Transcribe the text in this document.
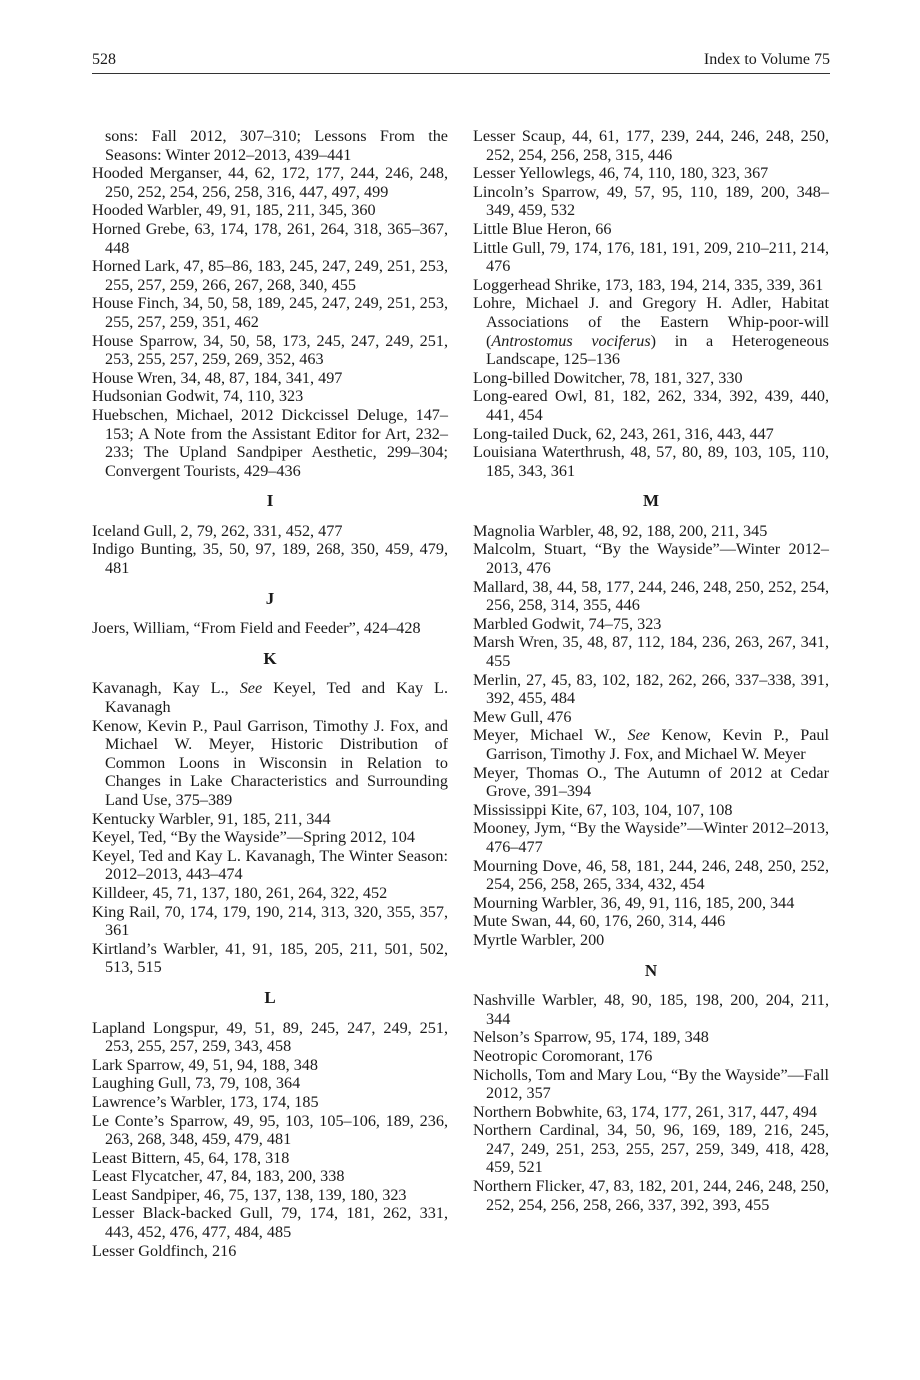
528	Index to Volume 75
sons: Fall 2012, 307–310; Lessons From the Seasons: Winter 2012–2013, 439–441
Hooded Merganser, 44, 62, 172, 177, 244, 246, 248, 250, 252, 254, 256, 258, 316, 447, 497, 499
Hooded Warbler, 49, 91, 185, 211, 345, 360
Horned Grebe, 63, 174, 178, 261, 264, 318, 365–367, 448
Horned Lark, 47, 85–86, 183, 245, 247, 249, 251, 253, 255, 257, 259, 266, 267, 268, 340, 455
House Finch, 34, 50, 58, 189, 245, 247, 249, 251, 253, 255, 257, 259, 351, 462
House Sparrow, 34, 50, 58, 173, 245, 247, 249, 251, 253, 255, 257, 259, 269, 352, 463
House Wren, 34, 48, 87, 184, 341, 497
Hudsonian Godwit, 74, 110, 323
Huebschen, Michael, 2012 Dickcissel Deluge, 147–153; A Note from the Assistant Editor for Art, 232–233; The Upland Sandpiper Aesthetic, 299–304; Convergent Tourists, 429–436
I
Iceland Gull, 2, 79, 262, 331, 452, 477
Indigo Bunting, 35, 50, 97, 189, 268, 350, 459, 479, 481
J
Joers, William, “From Field and Feeder”, 424–428
K
Kavanagh, Kay L., See Keyel, Ted and Kay L. Kavanagh
Kenow, Kevin P., Paul Garrison, Timothy J. Fox, and Michael W. Meyer, Historic Distribution of Common Loons in Wisconsin in Relation to Changes in Lake Characteristics and Surrounding Land Use, 375–389
Kentucky Warbler, 91, 185, 211, 344
Keyel, Ted, “By the Wayside”—Spring 2012, 104
Keyel, Ted and Kay L. Kavanagh, The Winter Season: 2012–2013, 443–474
Killdeer, 45, 71, 137, 180, 261, 264, 322, 452
King Rail, 70, 174, 179, 190, 214, 313, 320, 355, 357, 361
Kirtland’s Warbler, 41, 91, 185, 205, 211, 501, 502, 513, 515
L
Lapland Longspur, 49, 51, 89, 245, 247, 249, 251, 253, 255, 257, 259, 343, 458
Lark Sparrow, 49, 51, 94, 188, 348
Laughing Gull, 73, 79, 108, 364
Lawrence’s Warbler, 173, 174, 185
Le Conte’s Sparrow, 49, 95, 103, 105–106, 189, 236, 263, 268, 348, 459, 479, 481
Least Bittern, 45, 64, 178, 318
Least Flycatcher, 47, 84, 183, 200, 338
Least Sandpiper, 46, 75, 137, 138, 139, 180, 323
Lesser Black-backed Gull, 79, 174, 181, 262, 331, 443, 452, 476, 477, 484, 485
Lesser Goldfinch, 216
Lesser Scaup, 44, 61, 177, 239, 244, 246, 248, 250, 252, 254, 256, 258, 315, 446
Lesser Yellowlegs, 46, 74, 110, 180, 323, 367
Lincoln’s Sparrow, 49, 57, 95, 110, 189, 200, 348–349, 459, 532
Little Blue Heron, 66
Little Gull, 79, 174, 176, 181, 191, 209, 210–211, 214, 476
Loggerhead Shrike, 173, 183, 194, 214, 335, 339, 361
Lohre, Michael J. and Gregory H. Adler, Habitat Associations of the Eastern Whip-poor-will (Antrostomus vociferus) in a Heterogeneous Landscape, 125–136
Long-billed Dowitcher, 78, 181, 327, 330
Long-eared Owl, 81, 182, 262, 334, 392, 439, 440, 441, 454
Long-tailed Duck, 62, 243, 261, 316, 443, 447
Louisiana Waterthrush, 48, 57, 80, 89, 103, 105, 110, 185, 343, 361
M
Magnolia Warbler, 48, 92, 188, 200, 211, 345
Malcolm, Stuart, “By the Wayside”—Winter 2012–2013, 476
Mallard, 38, 44, 58, 177, 244, 246, 248, 250, 252, 254, 256, 258, 314, 355, 446
Marbled Godwit, 74–75, 323
Marsh Wren, 35, 48, 87, 112, 184, 236, 263, 267, 341, 455
Merlin, 27, 45, 83, 102, 182, 262, 266, 337–338, 391, 392, 455, 484
Mew Gull, 476
Meyer, Michael W., See Kenow, Kevin P., Paul Garrison, Timothy J. Fox, and Michael W. Meyer
Meyer, Thomas O., The Autumn of 2012 at Cedar Grove, 391–394
Mississippi Kite, 67, 103, 104, 107, 108
Mooney, Jym, “By the Wayside”—Winter 2012–2013, 476–477
Mourning Dove, 46, 58, 181, 244, 246, 248, 250, 252, 254, 256, 258, 265, 334, 432, 454
Mourning Warbler, 36, 49, 91, 116, 185, 200, 344
Mute Swan, 44, 60, 176, 260, 314, 446
Myrtle Warbler, 200
N
Nashville Warbler, 48, 90, 185, 198, 200, 204, 211, 344
Nelson’s Sparrow, 95, 174, 189, 348
Neotropic Coromorant, 176
Nicholls, Tom and Mary Lou, “By the Wayside”—Fall 2012, 357
Northern Bobwhite, 63, 174, 177, 261, 317, 447, 494
Northern Cardinal, 34, 50, 96, 169, 189, 216, 245, 247, 249, 251, 253, 255, 257, 259, 349, 418, 428, 459, 521
Northern Flicker, 47, 83, 182, 201, 244, 246, 248, 250, 252, 254, 256, 258, 266, 337, 392, 393, 455
